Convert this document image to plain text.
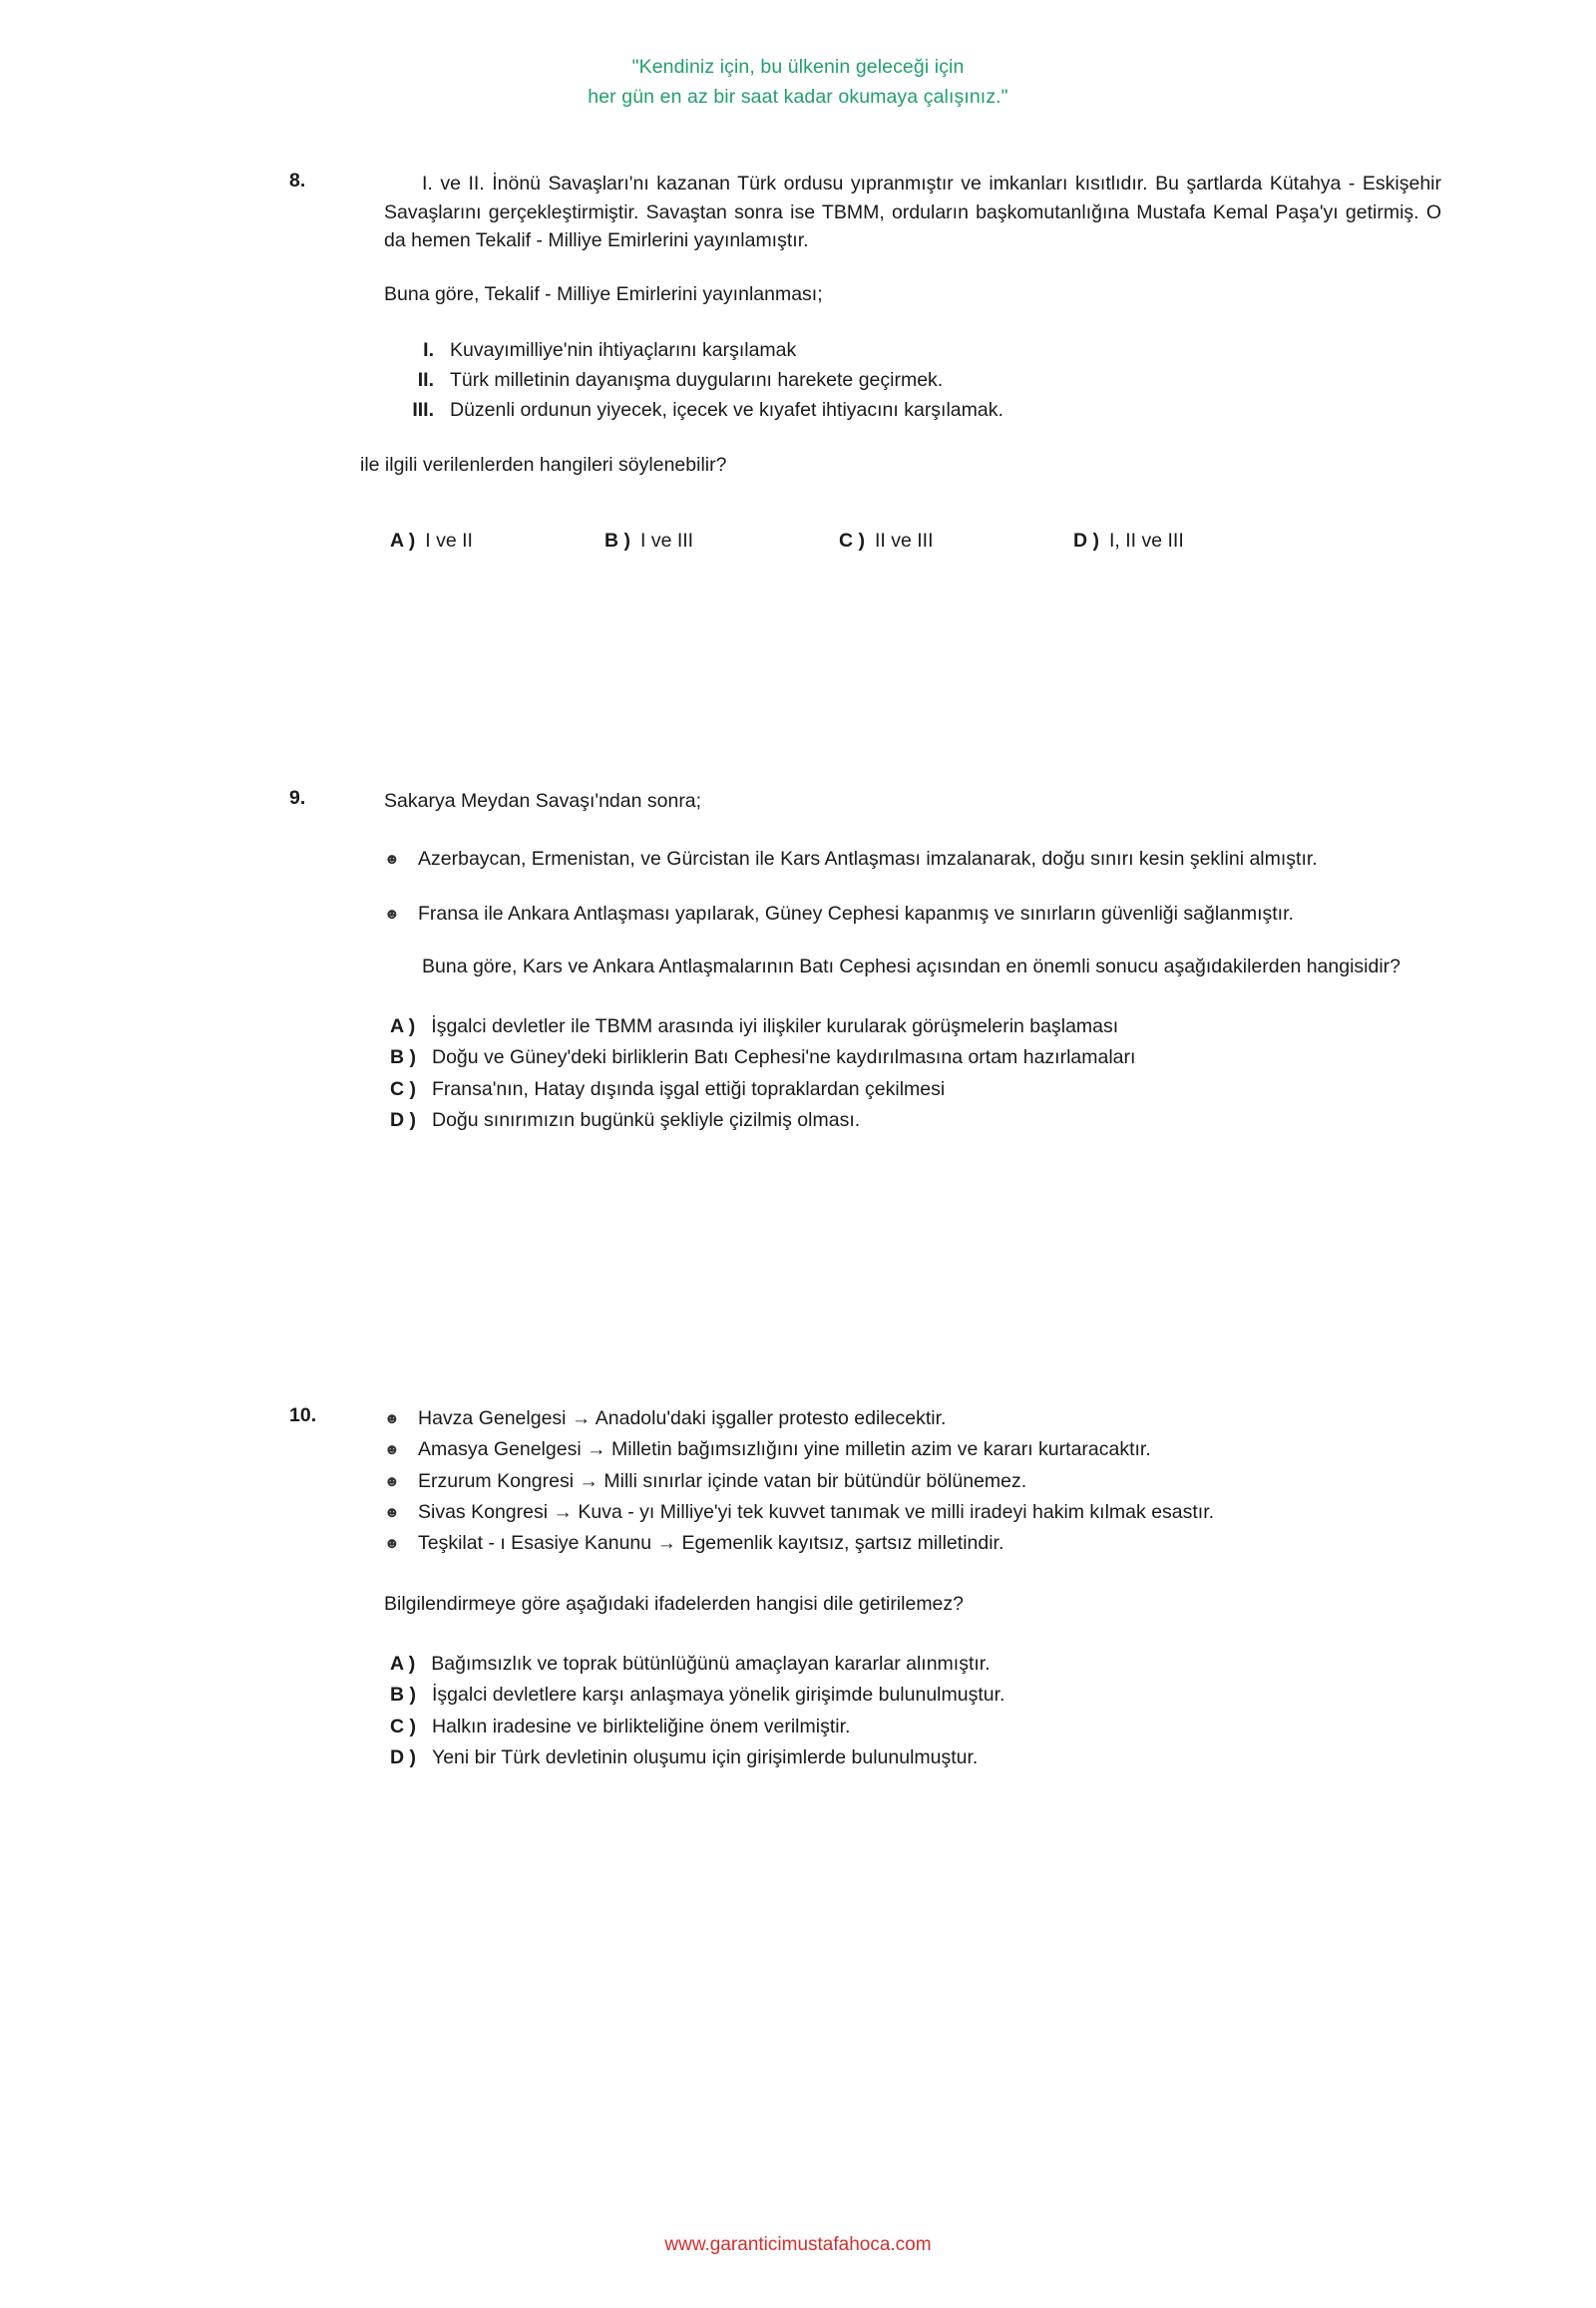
"Kendiniz için, bu ülkenin geleceği için
her gün en az bir saat kadar okumaya çalışınız."
8.	I. ve II. İnönü Savaşları'nı kazanan Türk ordusu yıpranmıştır ve imkanları kısıtlıdır. Bu şartlarda Kütahya - Eskişehir Savaşlarını gerçekleştirmiştir. Savaştan sonra ise TBMM, orduların başkomutanlığına Mustafa Kemal Paşa'yı getirmiş. O da hemen Tekalif - Milliye Emirlerini yayınlamıştır.
Buna göre, Tekalif - Milliye Emirlerini yayınlanması;
I. Kuvayımilliye'nin ihtiyaçlarını karşılamak
II. Türk milletinin dayanışma duygularını harekete geçirmek.
III. Düzenli ordunun yiyecek, içecek ve kıyafet ihtiyacını karşılamak.
ile ilgili verilenlerden hangileri söylenebilir?
A ) I ve II	B ) I ve III	C ) II ve III	D ) I, II ve III
9.	Sakarya Meydan Savaşı'ndan sonra;
☻ Azerbaycan, Ermenistan, ve Gürcistan ile Kars Antlaşması imzalanarak, doğu sınırı kesin şeklini almıştır.
☻ Fransa ile Ankara Antlaşması yapılarak, Güney Cephesi kapanmış ve sınırların güvenliği sağlanmıştır.
Buna göre, Kars ve Ankara Antlaşmalarının Batı Cephesi açısından en önemli sonucu aşağıdakilerden hangisidir?
A ) İşgalci devletler ile TBMM arasında iyi ilişkiler kurularak görüşmelerin başlaması
B ) Doğu ve Güney'deki birliklerin Batı Cephesi'ne kaydırılmasına ortam hazırlamaları
C ) Fransa'nın, Hatay dışında işgal ettiği topraklardan çekilmesi
D ) Doğu sınırımızın bugünkü şekliyle çizilmiş olması.
10.	☻ Havza Genelgesi → Anadolu'daki işgaller protesto edilecektir.
☻ Amasya Genelgesi → Milletin bağımsızlığını yine milletin azim ve kararı kurtaracaktır.
☻ Erzurum Kongresi → Milli sınırlar içinde vatan bir bütündür bölünemez.
☻ Sivas Kongresi → Kuva - yı Milliye'yi tek kuvvet tanımak ve milli iradeyi hakim kılmak esastır.
☻ Teşkilat - ı Esasiye Kanunu → Egemenlik kayıtsız, şartsız milletindir.
Bilgilendirmeye göre aşağıdaki ifadelerden hangisi dile getirilemez?
A ) Bağımsızlık ve toprak bütünlüğünü amaçlayan kararlar alınmıştır.
B ) İşgalci devletlere karşı anlaşmaya yönelik girişimde bulunulmuştur.
C ) Halkın iradesine ve birlikteliğine önem verilmiştir.
D ) Yeni bir Türk devletinin oluşumu için girişimlerde bulunulmuştur.
www.garanticimustafahoca.com
